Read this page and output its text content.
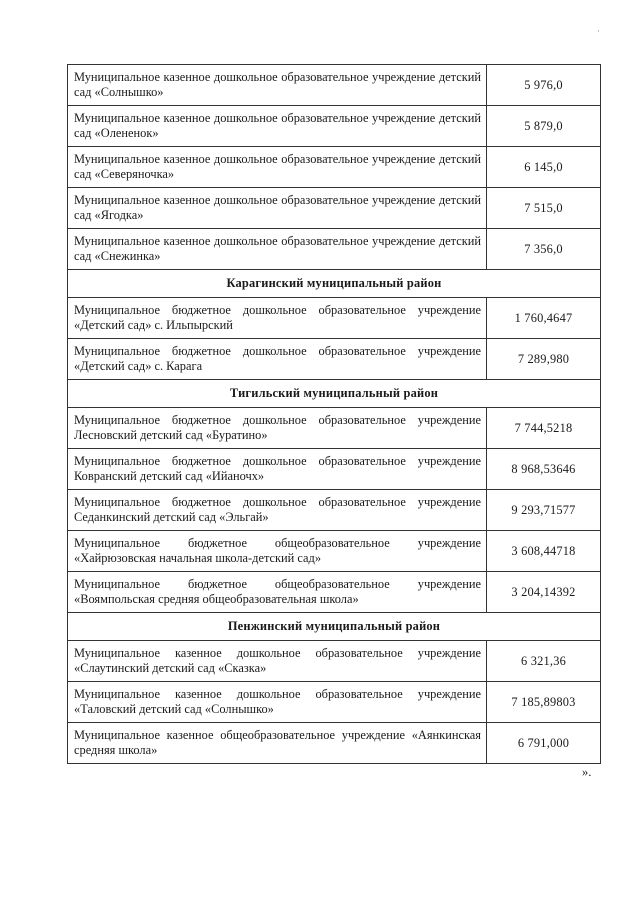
·
Муниципальное казенное дошкольное образовательное учреждение детский сад «Солнышко»	5 976,0
Муниципальное казенное дошкольное образовательное учреждение детский сад «Олененок»	5 879,0
Муниципальное казенное дошкольное образовательное учреждение детский сад «Северяночка»	6 145,0
Муниципальное казенное дошкольное образовательное учреждение детский сад «Ягодка»	7 515,0
Муниципальное казенное дошкольное образовательное учреждение детский сад «Снежинка»	7 356,0
Карагинский муниципальный район	
Муниципальное бюджетное дошкольное образовательное учреждение «Детский сад» с. Ильпырский	1 760,4647
Муниципальное бюджетное дошкольное образовательное учреждение «Детский сад» с. Карага	7 289,980
Тигильский муниципальный район	
Муниципальное бюджетное дошкольное образовательное учреждение Лесновский детский сад «Буратино»	7 744,5218
Муниципальное бюджетное дошкольное образовательное учреждение Ковранский детский сад «Ийаночх»	8 968,53646
Муниципальное бюджетное дошкольное образовательное учреждение Седанкинский детский сад «Эльгай»	9 293,71577
Муниципальное бюджетное общеобразовательное учреждение «Хайрюзовская начальная школа-детский сад»	3 608,44718
Муниципальное бюджетное общеобразовательное учреждение «Воямпольская средняя общеобразовательная школа»	3 204,14392
Пенжинский муниципальный район	
Муниципальное казенное дошкольное образовательное учреждение «Слаутинский детский сад «Сказка»	6 321,36
Муниципальное казенное дошкольное образовательное учреждение «Таловский детский сад «Солнышко»	7 185,89803
Муниципальное казенное общеобразовательное учреждение «Аянкинская средняя школа»	6 791,000
».
